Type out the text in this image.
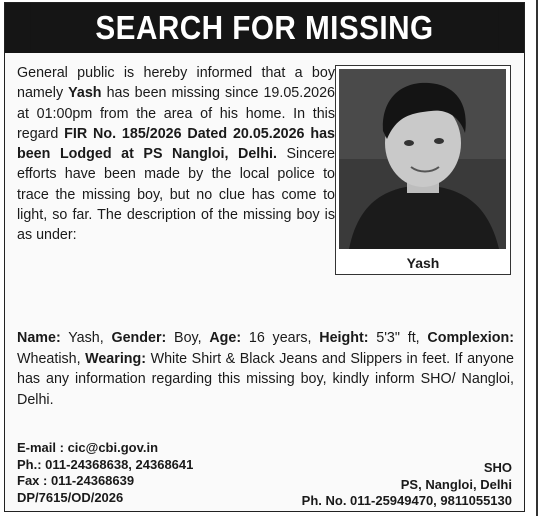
SEARCH FOR MISSING
General public is hereby informed that a boy namely Yash has been missing since 19.05.2026 at 01:00pm from the area of his home. In this regard FIR No. 185/2026 Dated 20.05.2026 has been Lodged at PS Nangloi, Delhi. Sincere efforts have been made by the local police to trace the missing boy, but no clue has come to light, so far. The description of the missing boy is as under:
Yash
Name: Yash, Gender: Boy, Age: 16 years, Height: 5'3" ft, Complexion: Wheatish, Wearing: White Shirt & Black Jeans and Slippers in feet. If anyone has any information regarding this missing boy, kindly inform SHO/ Nangloi, Delhi.
E-mail : cic@cbi.gov.in
Ph.: 011-24368638, 24368641
Fax : 011-24368639
DP/7615/OD/2026
SHO
PS, Nangloi, Delhi
Ph. No. 011-25949470, 9811055130
